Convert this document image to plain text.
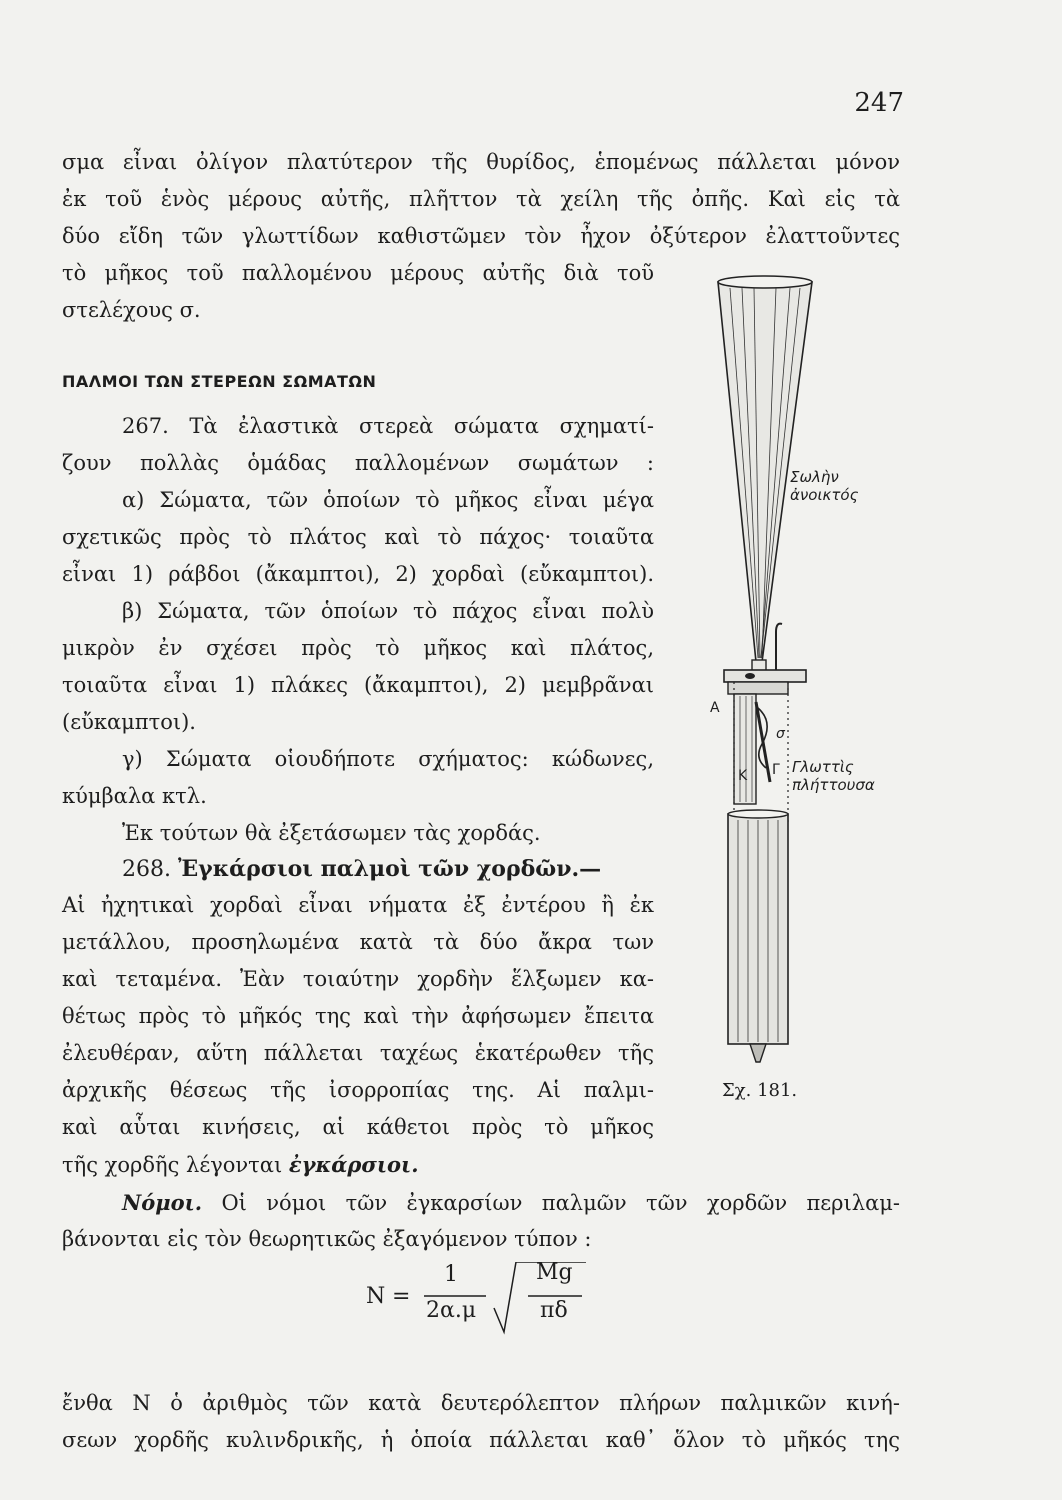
247
σμα εἶναι ὀλίγον πλατύτερον τῆς θυρίδος, ἑπομένως πάλλεται μόνον
ἐκ τοῦ ἑνὸς μέρους αὐτῆς, πλῆττον τὰ χείλη τῆς ὀπῆς. Καὶ εἰς τὰ
δύο εἴδη τῶν γλωττίδων καθιστῶμεν τὸν ἦχον ὀξύτερον ἐλαττοῦντες
τὸ μῆκος τοῦ παλλομένου μέρους αὐτῆς διὰ τοῦ
στελέχους σ.
ΠΑΛΜΟΙ ΤΩΝ ΣΤΕΡΕΩΝ ΣΩΜΑΤΩΝ
267. Τὰ ἐλαστικὰ στερεὰ σώματα σχηματί-
ζουν πολλὰς ὁμάδας παλλομένων σωμάτων :
α) Σώματα, τῶν ὁποίων τὸ μῆκος εἶναι μέγα
σχετικῶς πρὸς τὸ πλάτος καὶ τὸ πάχος· τοιαῦτα
εἶναι 1) ράβδοι (ἄκαμπτοι), 2) χορδαὶ (εὔκαμπτοι).
β) Σώματα, τῶν ὁποίων τὸ πάχος εἶναι πολὺ
μικρὸν ἐν σχέσει πρὸς τὸ μῆκος καὶ πλάτος,
τοιαῦτα εἶναι 1) πλάκες (ἄκαμπτοι), 2) μεμβρᾶναι
(εὔκαμπτοι).
γ) Σώματα οἱουδήποτε σχήματος: κώδωνες,
κύμβαλα κτλ.
Ἐκ τούτων θὰ ἐξετάσωμεν τὰς χορδάς.
268. Ἐγκάρσιοι παλμοὶ τῶν χορδῶν.—
Αἱ ἠχητικαὶ χορδαὶ εἶναι νήματα ἐξ ἐντέρου ἢ ἐκ
μετάλλου, προσηλωμένα κατὰ τὰ δύο ἄκρα των
καὶ τεταμένα. Ἐὰν τοιαύτην χορδὴν ἕλξωμεν κα-
θέτως πρὸς τὸ μῆκός της καὶ τὴν ἀφήσωμεν ἔπειτα
ἐλευθέραν, αὕτη πάλλεται ταχέως ἑκατέρωθεν τῆς
ἀρχικῆς θέσεως τῆς ἰσορροπίας της. Αἱ παλμι-
καὶ αὗται κινήσεις, αἱ κάθετοι πρὸς τὸ μῆκος
τῆς χορδῆς λέγονται ἐγκάρσιοι.
Νόμοι. Οἱ νόμοι τῶν ἐγκαρσίων παλμῶν τῶν χορδῶν περιλαμ-
βάνονται εἰς τὸν θεωρητικῶς ἐξαγόμενον τύπον :
N =
1
2α.μ
Mg
πδ
ἔνθα N ὁ ἀριθμὸς τῶν κατὰ δευτερόλεπτον πλήρων παλμικῶν κινή-
σεων χορδῆς κυλινδρικῆς, ἡ ὁποία πάλλεται καθ᾽ ὅλον τὸ μῆκός της
Σωλὴν
ἀνοικτός
Γλωττὶς
πλήττουσα
A
Κ Γ
σ
Σχ. 181.
